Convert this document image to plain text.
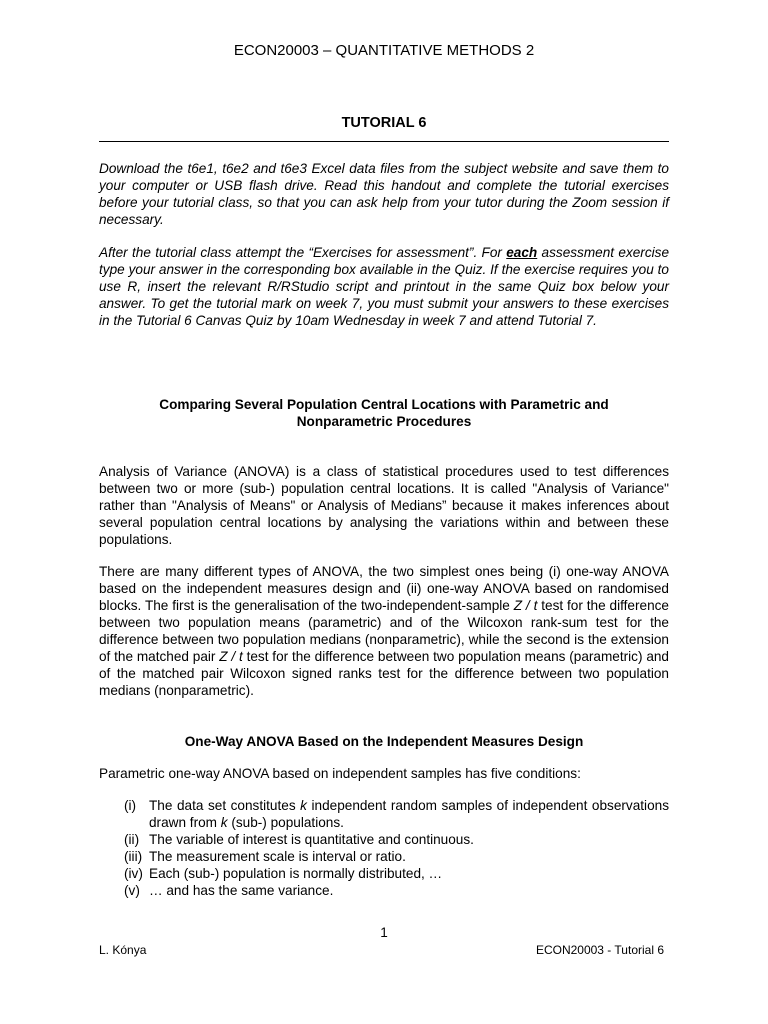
ECON20003 – QUANTITATIVE METHODS 2
TUTORIAL 6

Download the t6e1, t6e2 and t6e3 Excel data files from the subject website and save them to your computer or USB flash drive. Read this handout and complete the tutorial exercises before your tutorial class, so that you can ask help from your tutor during the Zoom session if necessary.

After the tutorial class attempt the “Exercises for assessment”. For each assessment exercise type your answer in the corresponding box available in the Quiz. If the exercise requires you to use R, insert the relevant R/RStudio script and printout in the same Quiz box below your answer. To get the tutorial mark on week 7, you must submit your answers to these exercises in the Tutorial 6 Canvas Quiz by 10am Wednesday in week 7 and attend Tutorial 7.

Comparing Several Population Central Locations with Parametric and
Nonparametric Procedures

Analysis of Variance (ANOVA) is a class of statistical procedures used to test differences between two or more (sub-) population central locations. It is called "Analysis of Variance" rather than "Analysis of Means" or Analysis of Medians” because it makes inferences about several population central locations by analysing the variations within and between these populations.

There are many different types of ANOVA, the two simplest ones being (i) one-way ANOVA based on the independent measures design and (ii) one-way ANOVA based on randomised blocks. The first is the generalisation of the two-independent-sample Z / t test for the difference between two population means (parametric) and of the Wilcoxon rank-sum test for the difference between two population medians (nonparametric), while the second is the extension of the matched pair Z / t test for the difference between two population means (parametric) and of the matched pair Wilcoxon signed ranks test for the difference between two population medians (nonparametric).

One-Way ANOVA Based on the Independent Measures Design

Parametric one-way ANOVA based on independent samples has five conditions:

(i) The data set constitutes k independent random samples of independent observations drawn from k (sub-) populations.
(ii) The variable of interest is quantitative and continuous.
(iii) The measurement scale is interval or ratio.
(iv) Each (sub-) population is normally distributed, …
(v) … and has the same variance.
1
L. Kónya	ECON20003 - Tutorial 6
